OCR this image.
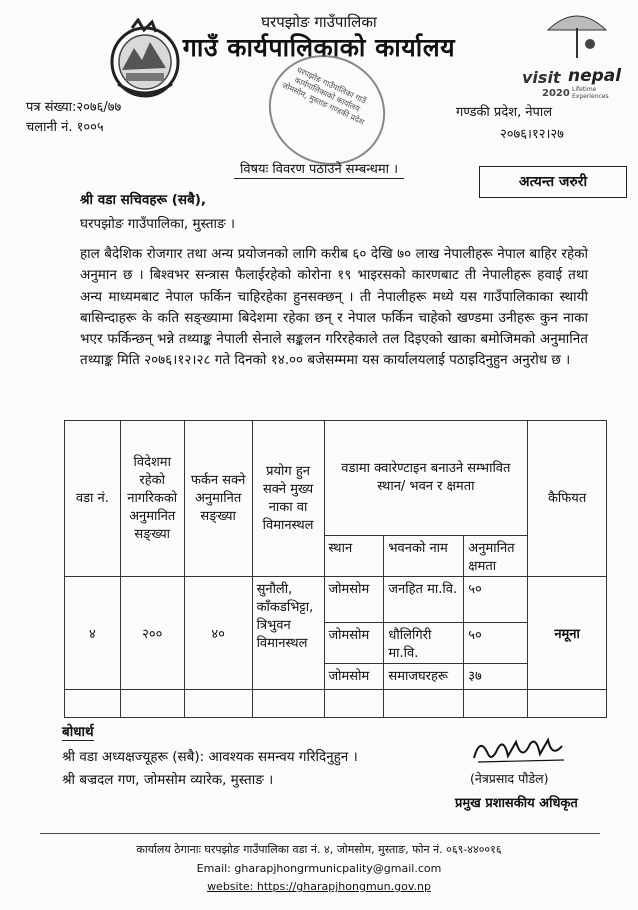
घरपझोङ गाउँपालिका
गाउँ कार्यपालिकाको कार्यालय
visit nepal
2020 Lifetime Experiences
घरपझोङ गाउँपालिका गाउँ कार्यपालिकाको कार्यालय जोमसोम, मुस्ताङ गण्डकी प्रदेश
पत्र संख्या:२०७६/७७
चलानी नं. १००५
गण्डकी प्रदेश, नेपाल
२०७६।१२।२७
विषयः विवरण पठाउने सम्बन्धमा ।
अत्यन्त जरुरी
श्री वडा सचिवहरू (सबै),
घरपझोङ गाउँपालिका, मुस्ताङ ।
हाल बैदेशिक रोजगार तथा अन्य प्रयोजनको लागि करीब ६० देखि ७० लाख नेपालीहरू नेपाल बाहिर रहेको अनुमान छ । बिश्वभर सन्त्रास फैलाईरहेको कोरोना १९ भाइरसको कारणबाट ती नेपालीहरू हवाई तथा अन्य माध्यमबाट नेपाल फर्किन चाहिरहेका हुनसक्छन् । ती नेपालीहरू मध्ये यस गाउँपालिकाका स्थायी बासिन्दाहरू के कति सङ्ख्यामा बिदेशमा रहेका छन् र नेपाल फर्किन चाहेको खण्डमा उनीहरू कुन नाका भएर फर्किन्छन् भन्ने तथ्याङ्क नेपाली सेनाले सङ्कलन गरिरहेकाले तल दिइएको खाका बमोजिमको अनुमानित तथ्याङ्क मिति २०७६।१२।२८ गते दिनको १४.०० बजेसम्ममा यस कार्यालयलाई पठाइदिनुहुन अनुरोध छ ।
वडा नं.	विदेशमा रहेको नागरिकको अनुमानित सङ्ख्या	फर्कन सक्ने अनुमानित सङ्ख्या	प्रयोग हुन सक्ने मुख्य नाका वा विमानस्थल	वडामा क्वारेण्टाइन बनाउने सम्भावित स्थान/ भवन र क्षमता			कैफियत
				स्थान	भवनको नाम	अनुमानित क्षमता	
४	२००	४०	सुनौली, काँकडभिट्टा, त्रिभुवन विमानस्थल	जोमसोम	जनहित मा.वि.	५०	नमूना
				जोमसोम	धौलिगिरी मा.वि.	५०	
				जोमसोम	समाजघरहरू	३७	

बोधार्थ
श्री वडा अध्यक्षज्यूहरू (सबै): आवश्यक समन्वय गरिदिनुहुन ।
श्री बज्रदल गण, जोमसोम व्यारेक, मुस्ताङ ।	(नेत्रप्रसाद पौडेल)
प्रमुख प्रशासकीय अधिकृत
कार्यालय ठेगानाः घरपझोङ गाउँपालिका वडा नं. ४, जोमसोम, मुस्ताङ, फोन नं. ०६९-४४००१६
Email: gharapjhongrmunicpality@gmail.com
website: https://gharapjhongmun.gov.np
